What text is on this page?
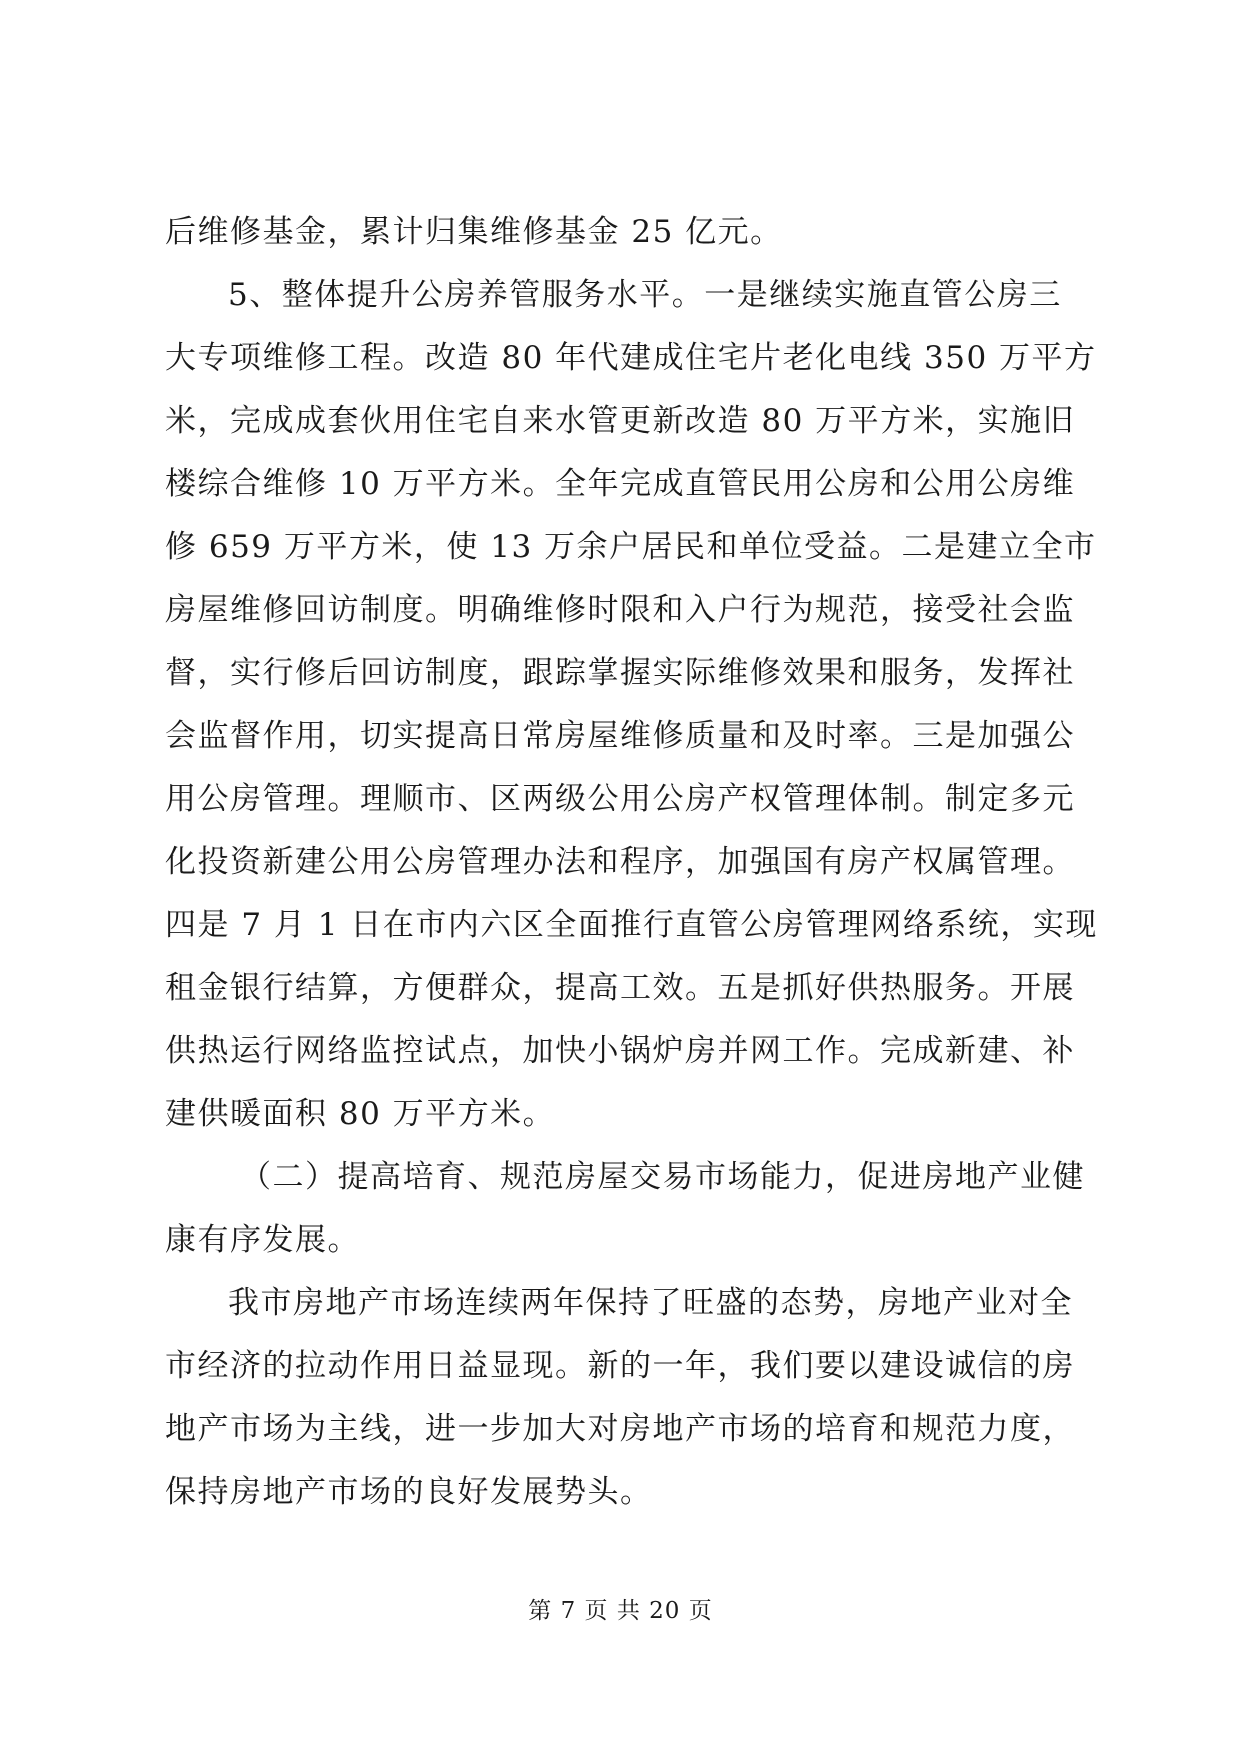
后维修基金，累计归集维修基金 25 亿元。
5、整体提升公房养管服务水平。一是继续实施直管公房三
大专项维修工程。改造 80 年代建成住宅片老化电线 350 万平方
米，完成成套伙用住宅自来水管更新改造 80 万平方米，实施旧
楼综合维修 10 万平方米。全年完成直管民用公房和公用公房维
修 659 万平方米，使 13 万余户居民和单位受益。二是建立全市
房屋维修回访制度。明确维修时限和入户行为规范，接受社会监
督，实行修后回访制度，跟踪掌握实际维修效果和服务，发挥社
会监督作用，切实提高日常房屋维修质量和及时率。三是加强公
用公房管理。理顺市、区两级公用公房产权管理体制。制定多元
化投资新建公用公房管理办法和程序，加强国有房产权属管理。
四是 7 月 1 日在市内六区全面推行直管公房管理网络系统，实现
租金银行结算，方便群众，提高工效。五是抓好供热服务。开展
供热运行网络监控试点，加快小锅炉房并网工作。完成新建、补
建供暖面积 80 万平方米。
（二）提高培育、规范房屋交易市场能力，促进房地产业健
康有序发展。
我市房地产市场连续两年保持了旺盛的态势，房地产业对全
市经济的拉动作用日益显现。新的一年，我们要以建设诚信的房
地产市场为主线，进一步加大对房地产市场的培育和规范力度，
保持房地产市场的良好发展势头。
第 7 页 共 20 页
